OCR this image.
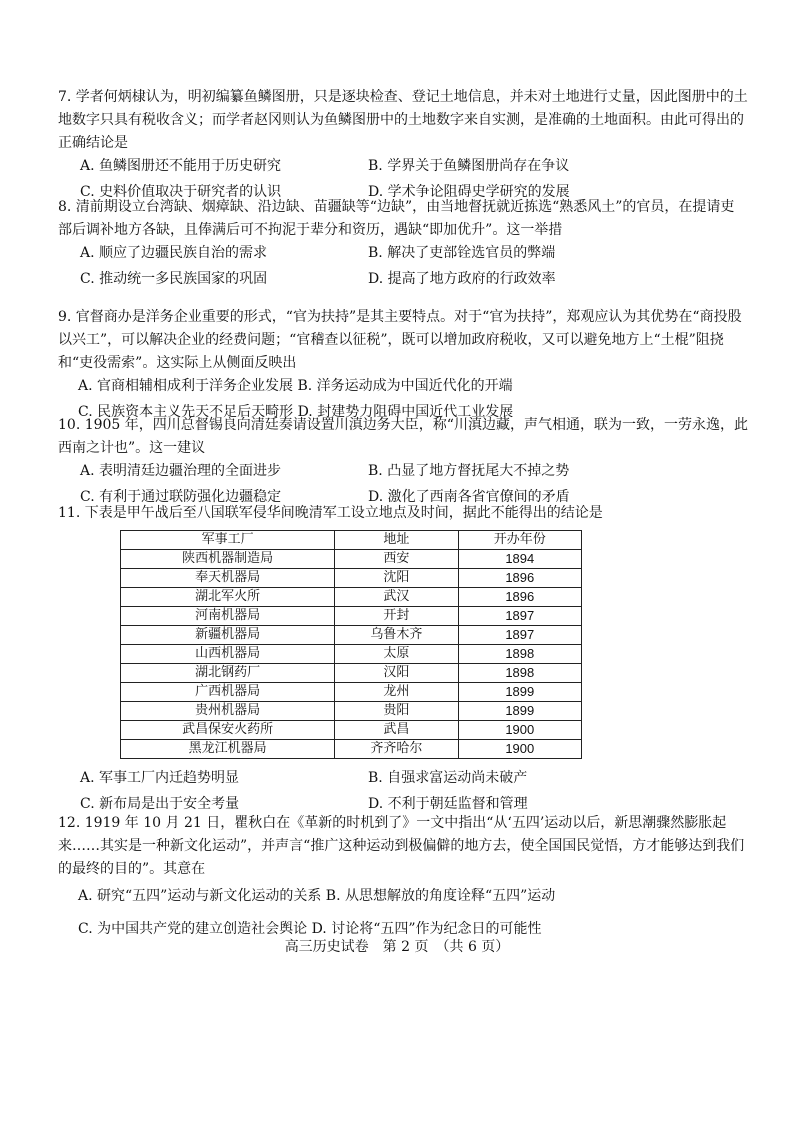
7. 学者何炳棣认为，明初编纂鱼鳞图册，只是逐块检查、登记土地信息，并未对土地进行丈量，因此图册中的土地数字只具有税收含义；而学者赵冈则认为鱼鳞图册中的土地数字来自实测，是准确的土地面积。由此可得出的正确结论是
A. 鱼鳞图册还不能用于历史研究	B. 学界关于鱼鳞图册尚存在争议
C. 史料价值取决于研究者的认识	D. 学术争论阻碍史学研究的发展
8. 清前期设立台湾缺、烟瘴缺、沿边缺、苗疆缺等“边缺”，由当地督抚就近拣选“熟悉风土”的官员，在提请吏部后调补地方各缺，且俸满后可不拘泥于辈分和资历，遇缺“即加优升”。这一举措
A. 顺应了边疆民族自治的需求	B. 解决了吏部铨选官员的弊端
C. 推动统一多民族国家的巩固	D. 提高了地方政府的行政效率
9. 官督商办是洋务企业重要的形式，“官为扶持”是其主要特点。对于“官为扶持”，郑观应认为其优势在“商投股以兴工”，可以解决企业的经费问题；“官稽查以征税”，既可以增加政府税收，又可以避免地方上“土棍”阻挠和“吏役需索”。这实际上从侧面反映出
A. 官商相辅相成利于洋务企业发展 B. 洋务运动成为中国近代化的开端
C. 民族资本主义先天不足后天畸形 D. 封建势力阻碍中国近代工业发展
10. 1905 年，四川总督锡良向清廷奏请设置川滇边务大臣，称“川滇边藏，声气相通，联为一致，一劳永逸，此西南之计也”。这一建议
A. 表明清廷边疆治理的全面进步	B. 凸显了地方督抚尾大不掉之势
C. 有利于通过联防强化边疆稳定	D. 激化了西南各省官僚间的矛盾
11. 下表是甲午战后至八国联军侵华间晚清军工设立地点及时间，据此不能得出的结论是
军事工厂	地址	开办年份
陕西机器制造局	西安	1894
奉天机器局	沈阳	1896
湖北军火所	武汉	1896
河南机器局	开封	1897
新疆机器局	乌鲁木齐	1897
山西机器局	太原	1898
湖北钢药厂	汉阳	1898
广西机器局	龙州	1899
贵州机器局	贵阳	1899
武昌保安火药所	武昌	1900
黑龙江机器局	齐齐哈尔	1900
A. 军事工厂内迁趋势明显	B. 自强求富运动尚未破产
C. 新布局是出于安全考量	D. 不利于朝廷监督和管理
12. 1919 年 10 月 21 日，瞿秋白在《革新的时机到了》一文中指出“从‘五四’运动以后，新思潮骤然膨胀起来……其实是一种新文化运动”，并声言“推广这种运动到极偏僻的地方去，使全国国民觉悟，方才能够达到我们的最终的目的”。其意在
A. 研究“五四”运动与新文化运动的关系 B. 从思想解放的角度诠释“五四”运动
C. 为中国共产党的建立创造社会舆论 D. 讨论将“五四”作为纪念日的可能性
高三历史试卷　第 2 页　（共 6 页）
